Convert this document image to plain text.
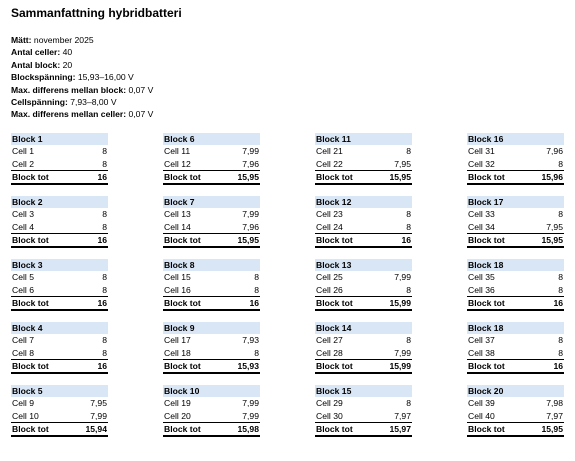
Sammanfattning hybridbatteri
Mätt: november 2025
Antal celler: 40
Antal block: 20
Blockspänning: 15,93–16,00 V
Max. differens mellan block: 0,07 V
Cellspänning: 7,93–8,00 V
Max. differens mellan celler: 0,07 V
Block 1
Cell 1	8
Cell 2	8
Block tot	16
Block 2
Cell 3	8
Cell 4	8
Block tot	16
Block 3
Cell 5	8
Cell 6	8
Block tot	16
Block 4
Cell 7	8
Cell 8	8
Block tot	16
Block 5
Cell 9	7,95
Cell 10	7,99
Block tot	15,94
Block 6
Cell 11	7,99
Cell 12	7,96
Block tot	15,95
Block 7
Cell 13	7,99
Cell 14	7,96
Block tot	15,95
Block 8
Cell 15	8
Cell 16	8
Block tot	16
Block 9
Cell 17	7,93
Cell 18	8
Block tot	15,93
Block 10
Cell 19	7,99
Cell 20	7,99
Block tot	15,98
Block 11
Cell 21	8
Cell 22	7,95
Block tot	15,95
Block 12
Cell 23	8
Cell 24	8
Block tot	16
Block 13
Cell 25	7,99
Cell 26	8
Block tot	15,99
Block 14
Cell 27	8
Cell 28	7,99
Block tot	15,99
Block 15
Cell 29	8
Cell 30	7,97
Block tot	15,97
Block 16
Cell 31	7,96
Cell 32	8
Block tot	15,96
Block 17
Cell 33	8
Cell 34	7,95
Block tot	15,95
Block 18
Cell 35	8
Cell 36	8
Block tot	16
Block 18
Cell 37	8
Cell 38	8
Block tot	16
Block 20
Cell 39	7,98
Cell 40	7,97
Block tot	15,95
